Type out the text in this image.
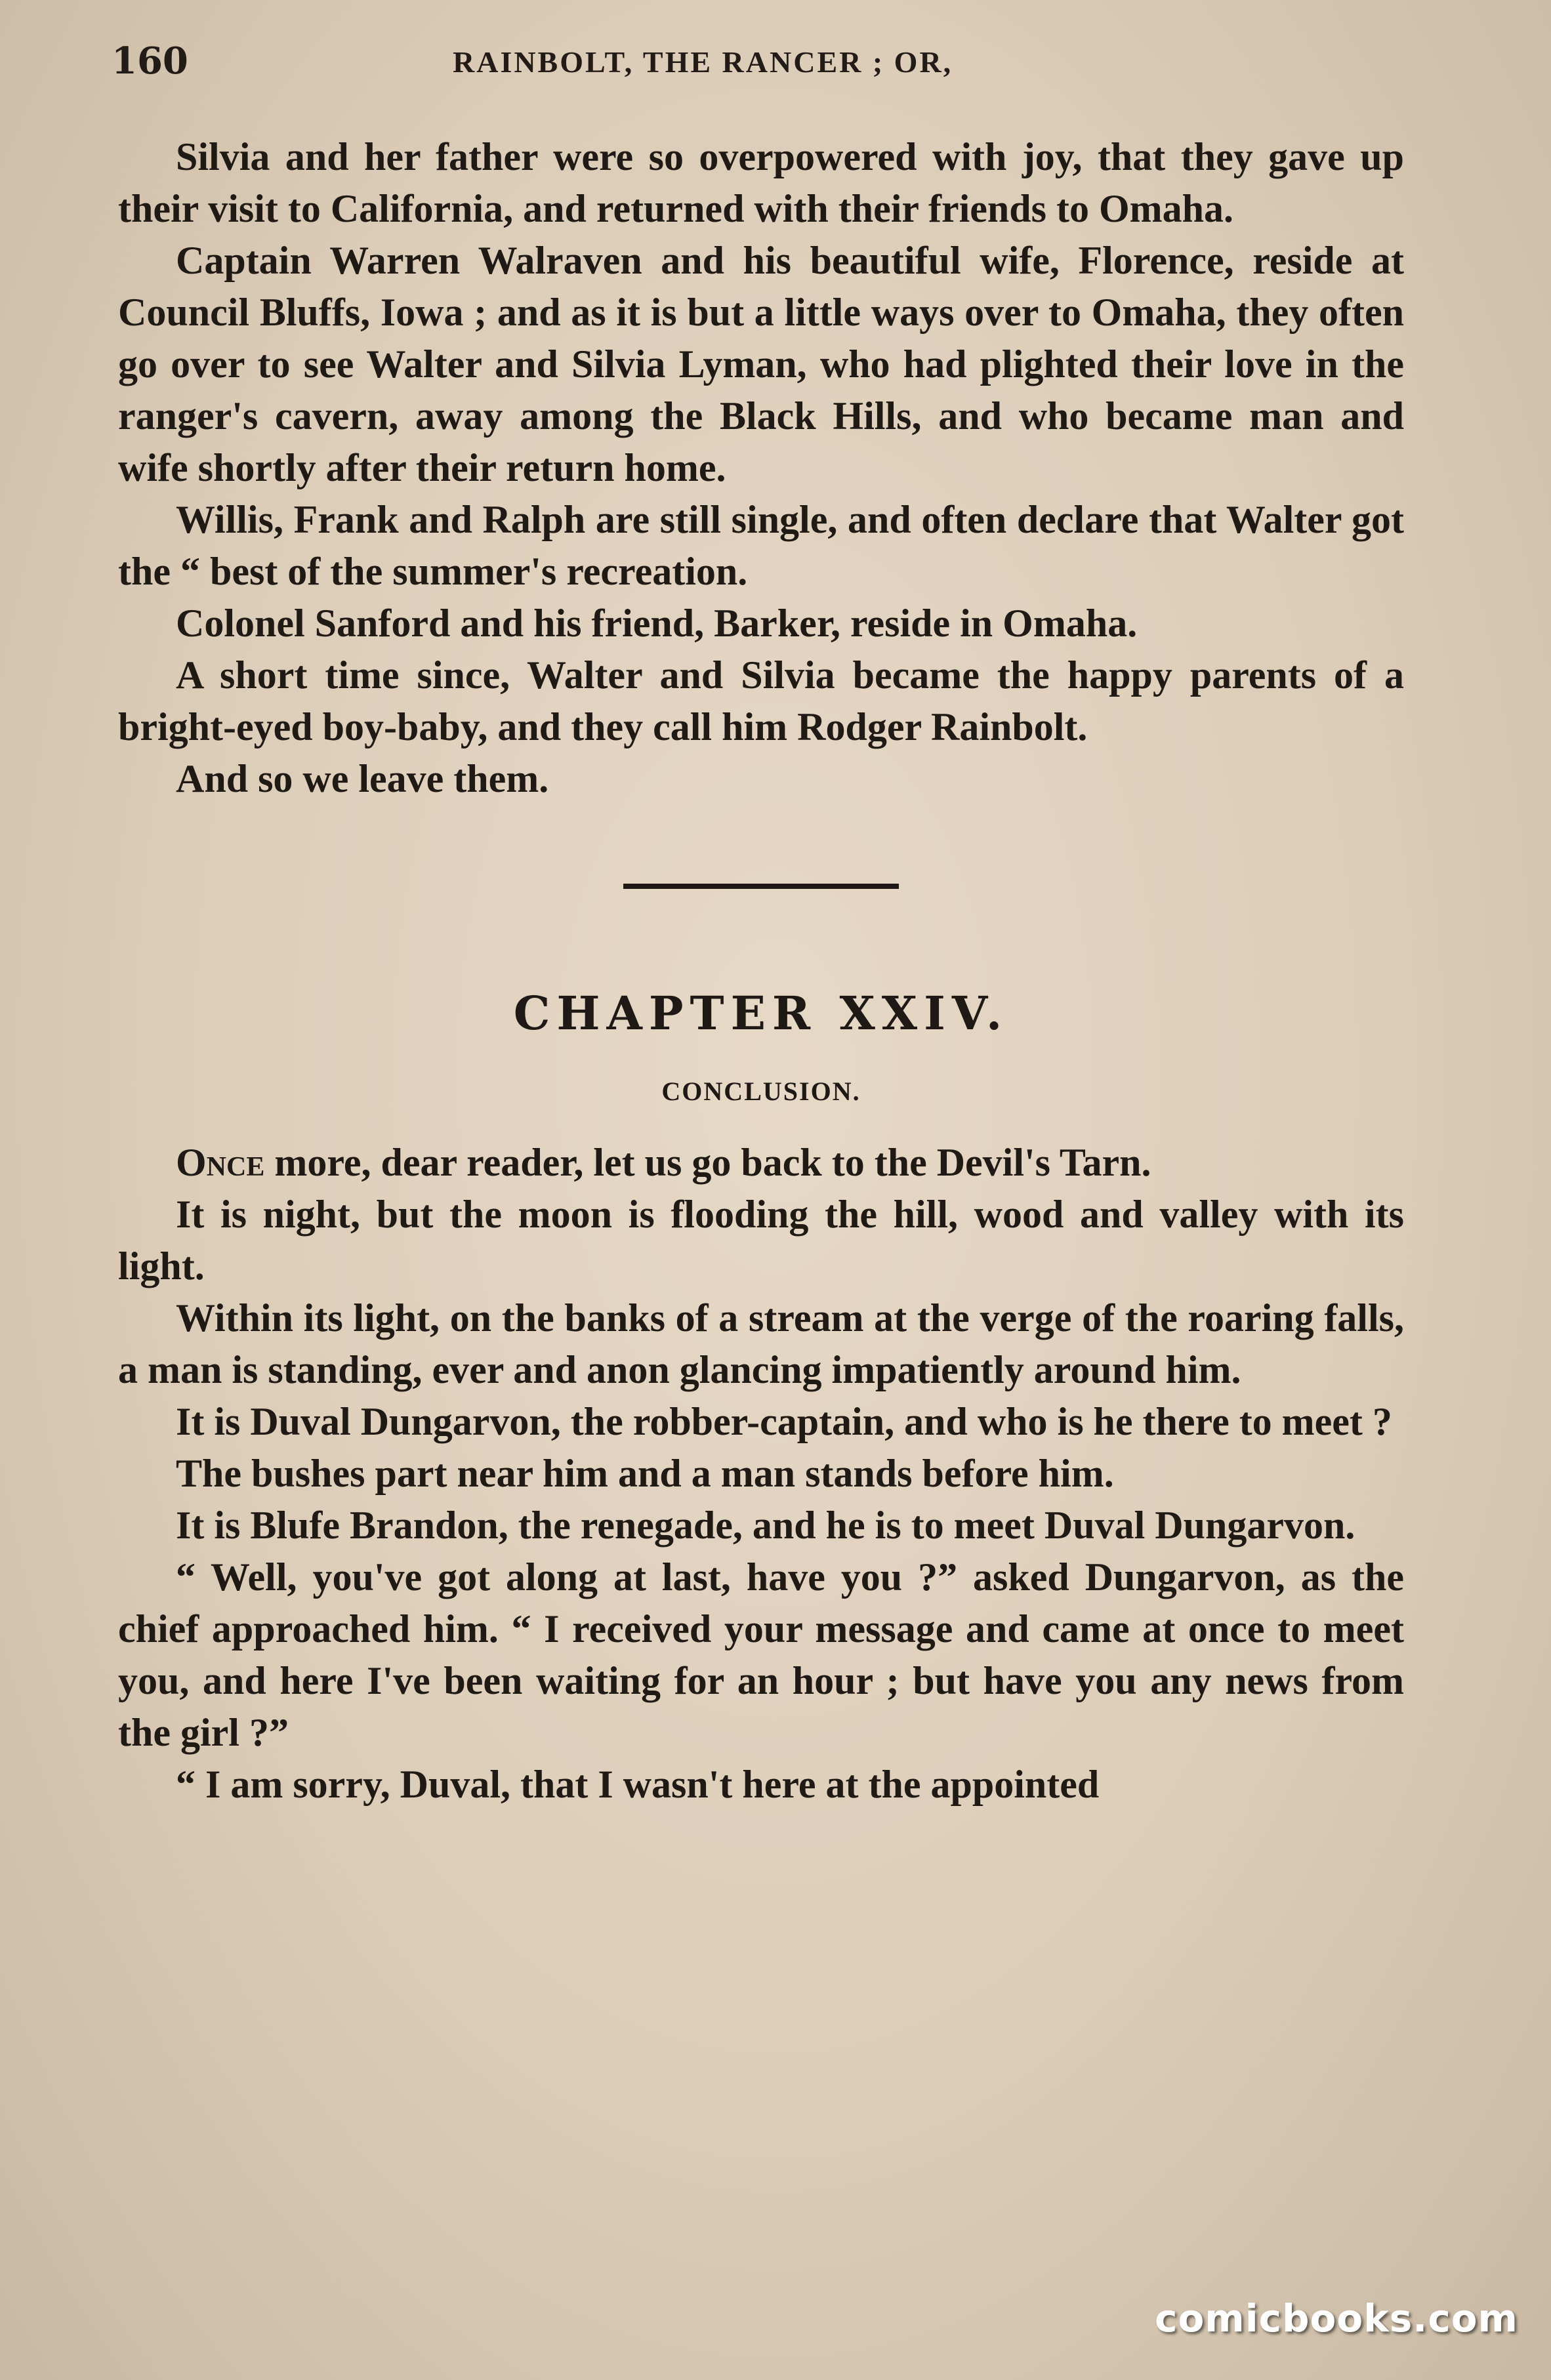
160	RAINBOLT, THE RANCER ; OR,

Silvia and her father were so overpowered with joy, that they gave up their visit to California, and returned with their friends to Omaha.

Captain Warren Walraven and his beautiful wife, Florence, reside at Council Bluffs, Iowa ; and as it is but a little ways over to Omaha, they often go over to see Walter and Silvia Lyman, who had plighted their love in the ranger's cavern, away among the Black Hills, and who became man and wife shortly after their return home.

Willis, Frank and Ralph are still single, and often declare that Walter got the “ best of the summer's recreation.

Colonel Sanford and his friend, Barker, reside in Omaha.

A short time since, Walter and Silvia became the happy parents of a bright-eyed boy-baby, and they call him Rodger Rainbolt.

And so we leave them.

CHAPTER XXIV.

CONCLUSION.

Once more, dear reader, let us go back to the Devil's Tarn.

It is night, but the moon is flooding the hill, wood and valley with its light.

Within its light, on the banks of a stream at the verge of the roaring falls, a man is standing, ever and anon glancing impatiently around him.

It is Duval Dungarvon, the robber-captain, and who is he there to meet ?

The bushes part near him and a man stands before him.

It is Blufe Brandon, the renegade, and he is to meet Duval Dungarvon.

“ Well, you've got along at last, have you ?” asked Dungarvon, as the chief approached him. “ I received your message and came at once to meet you, and here I've been waiting for an hour ; but have you any news from the girl ?”

“ I am sorry, Duval, that I wasn't here at the appointed

comicbooks.com
